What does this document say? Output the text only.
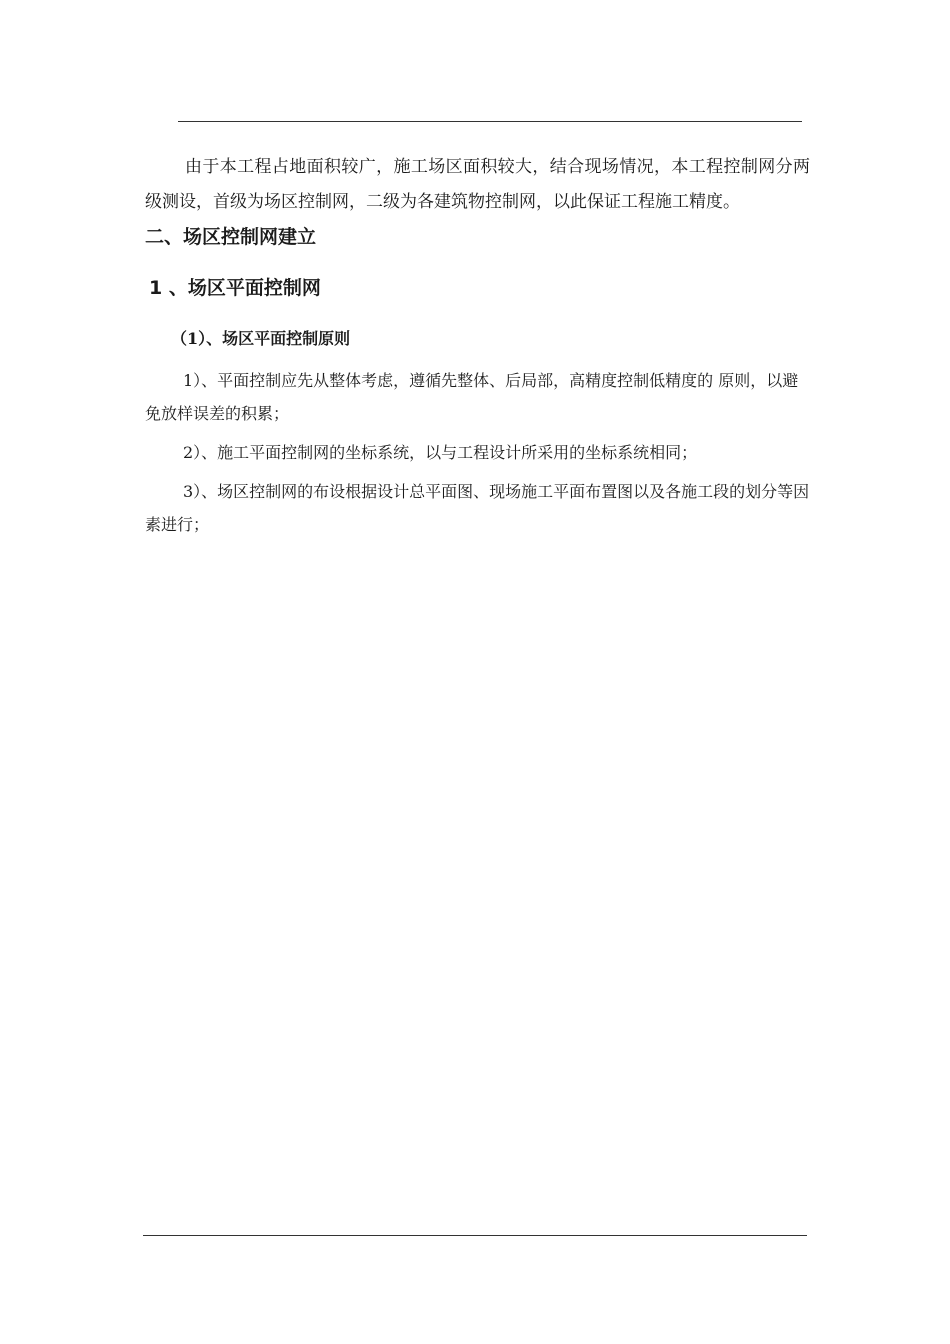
由于本工程占地面积较广，施工场区面积较大，结合现场情况，本工程控制网分两级测设，首级为场区控制网，二级为各建筑物控制网，以此保证工程施工精度。

二、场区控制网建立
1 、场区平面控制网
（1）、场区平面控制原则

1）、平面控制应先从整体考虑，遵循先整体、后局部，高精度控制低精度的 原则，以避免放样误差的积累；

2）、施工平面控制网的坐标系统，以与工程设计所采用的坐标系统相同；

3）、场区控制网的布设根据设计总平面图、现场施工平面布置图以及各施工段的划分等因素进行；
